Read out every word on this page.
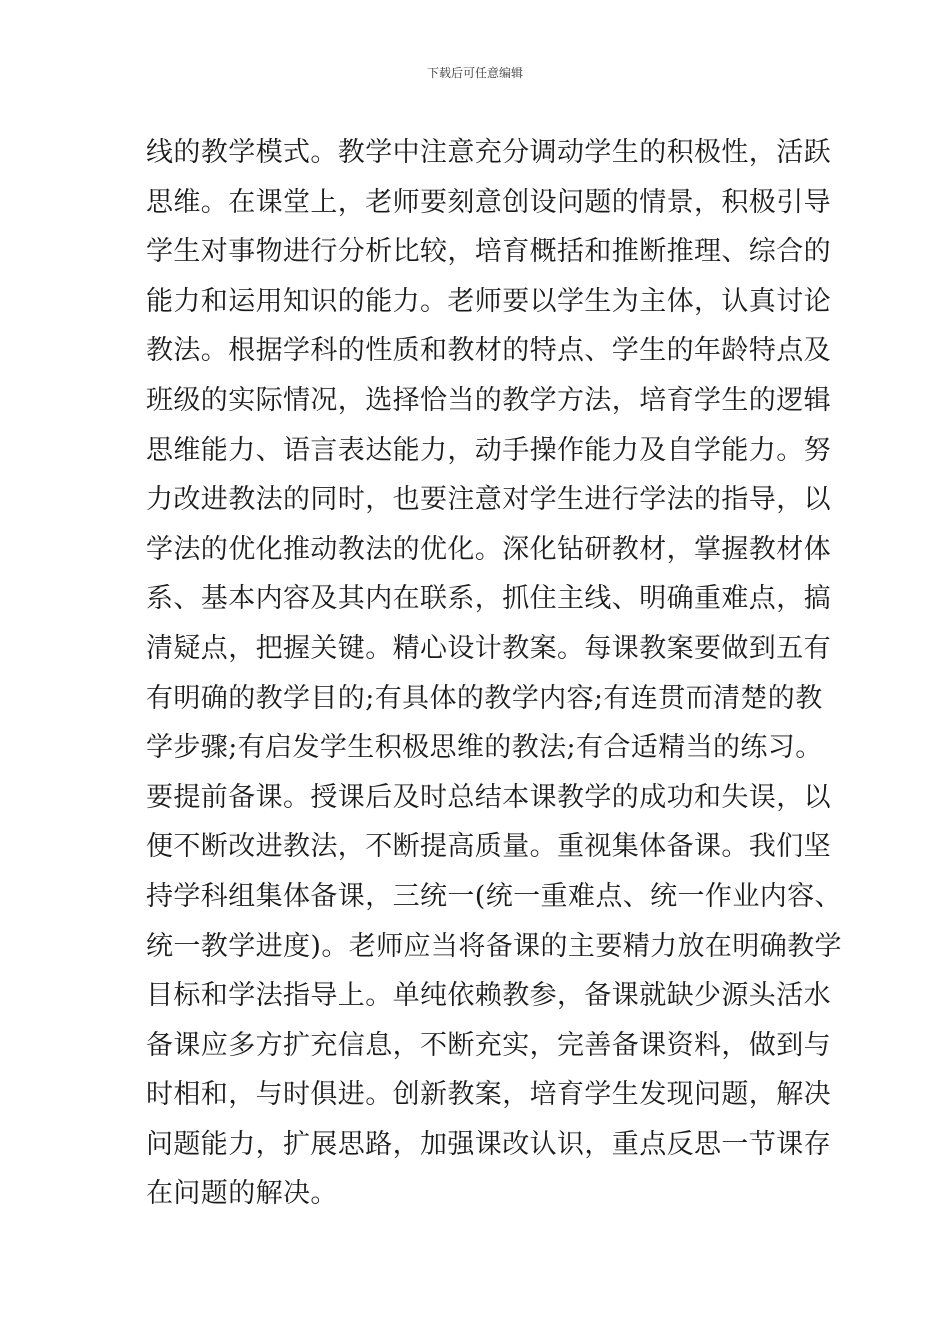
下载后可任意编辑
线的教学模式。教学中注意充分调动学生的积极性，活跃
思维。在课堂上，老师要刻意创设问题的情景，积极引导
学生对事物进行分析比较，培育概括和推断推理、综合的
能力和运用知识的能力。老师要以学生为主体，认真讨论
教法。根据学科的性质和教材的特点、学生的年龄特点及
班级的实际情况，选择恰当的教学方法，培育学生的逻辑
思维能力、语言表达能力，动手操作能力及自学能力。努
力改进教法的同时，也要注意对学生进行学法的指导，以
学法的优化推动教法的优化。深化钻研教材，掌握教材体
系、基本内容及其内在联系，抓住主线、明确重难点，搞
清疑点，把握关键。精心设计教案。每课教案要做到五有
有明确的教学目的;有具体的教学内容;有连贯而清楚的教
学步骤;有启发学生积极思维的教法;有合适精当的练习。
要提前备课。授课后及时总结本课教学的成功和失误，以
便不断改进教法，不断提高质量。重视集体备课。我们坚
持学科组集体备课，三统一(统一重难点、统一作业内容、
统一教学进度)。老师应当将备课的主要精力放在明确教学
目标和学法指导上。单纯依赖教参，备课就缺少源头活水
备课应多方扩充信息，不断充实，完善备课资料，做到与
时相和，与时俱进。创新教案，培育学生发现问题，解决
问题能力，扩展思路，加强课改认识，重点反思一节课存
在问题的解决。
